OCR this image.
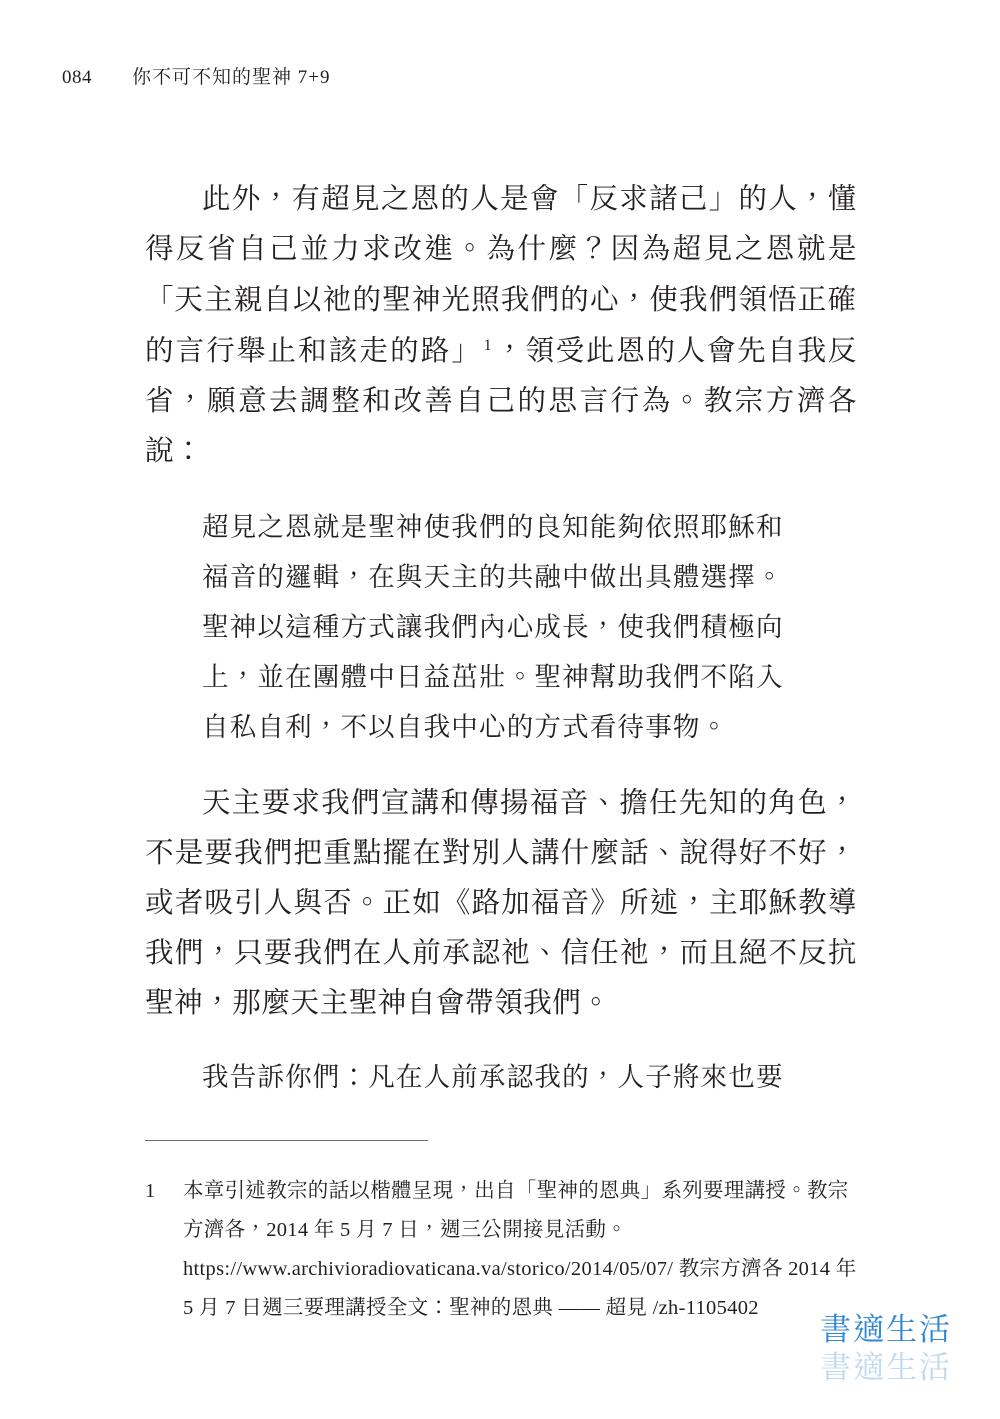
084 你不可不知的聖神 7+9

此外，有超見之恩的人是會「反求諸己」的人，懂得反省自己並力求改進。為什麼？因為超見之恩就是「天主親自以祂的聖神光照我們的心，使我們領悟正確的言行舉止和該走的路」 $^1$，領受此恩的人會先自我反省，願意去調整和改善自己的思言行為。教宗方濟各說：

超見之恩就是聖神使我們的良知能夠依照耶穌和

福音的邏輯，在與天主的共融中做出具體選擇。

聖神以這種方式讓我們內心成長，使我們積極向

上，並在團體中日益茁壯。聖神幫助我們不陷入

自私自利，不以自我中心的方式看待事物。

天主要求我們宣講和傳揚福音、擔任先知的角色，不是要我們把重點擺在對別人講什麼話、說得好不好，或者吸引人與否。正如《路加福音》所述，主耶穌教導我們，只要我們在人前承認祂、信任祂，而且絕不反抗聖神，那麼天主聖神自會帶領我們。

我告訴你們：凡在人前承認我的，人子將來也要
1	本章引述教宗的話以楷體呈現，出自「聖神的恩典」系列要理講授。教宗方濟各，2014 年 5 月 7 日，週三公開接見活動。https://www.archivioradiovaticana.va/storico/2014/05/07/ 教宗方濟各 2014 年 5 月 7 日週三要理講授全文：聖神的恩典 —— 超見 /zh-1105402
書適生活
書適生活
